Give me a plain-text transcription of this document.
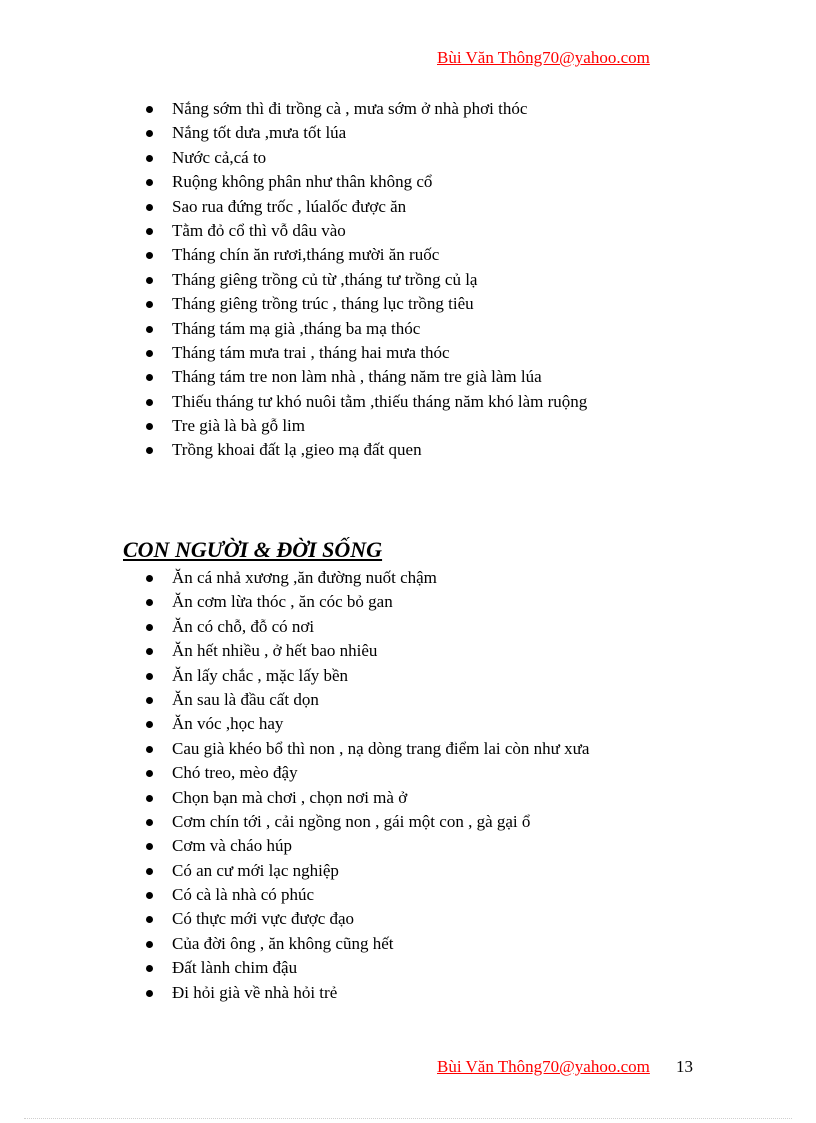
Bùi Văn Thông70@yahoo.com
Nắng sớm thì đi trồng cà , mưa sớm ở nhà phơi thóc
Nắng tốt dưa ,mưa tốt lúa
Nước cả,cá to
Ruộng không phân như thân không cổ
Sao rua đứng trốc , lúalốc được ăn
Tằm đỏ cổ thì vỗ dâu vào
Tháng chín ăn rươi,tháng mười ăn ruốc
Tháng giêng trồng củ từ ,tháng tư trồng củ lạ
Tháng giêng trồng trúc , tháng lục trồng tiêu
Tháng tám mạ già ,tháng ba mạ thóc
Tháng tám mưa trai , tháng hai mưa thóc
Tháng tám tre non làm nhà , tháng năm tre già làm lúa
Thiếu tháng tư khó nuôi tằm ,thiếu tháng năm khó làm ruộng
Tre già là bà gỗ lim
Trồng khoai đất lạ ,gieo mạ đất quen
CON NGƯỜI & ĐỜI SỐNG
Ăn cá nhả xương ,ăn đường nuốt chậm
Ăn cơm lừa thóc , ăn cóc bỏ gan
Ăn có chỗ, đỗ có nơi
Ăn hết nhiều , ở hết bao nhiêu
Ăn lấy chắc , mặc lấy bền
Ăn sau là đầu cất dọn
Ăn vóc ,học hay
Cau già khéo bổ thì non , nạ dòng trang điểm lai còn như xưa
Chó treo, mèo đậy
Chọn bạn mà chơi , chọn nơi mà ở
Cơm chín tới , cải ngồng non , gái một con , gà gại ổ
Cơm và cháo húp
Có an cư mới lạc nghiệp
Có cà là nhà có phúc
Có thực mới vực được đạo
Của đời ông , ăn không cũng hết
Đất lành chim đậu
Đi hỏi già về nhà hỏi trẻ
Bùi Văn Thông70@yahoo.com 13
